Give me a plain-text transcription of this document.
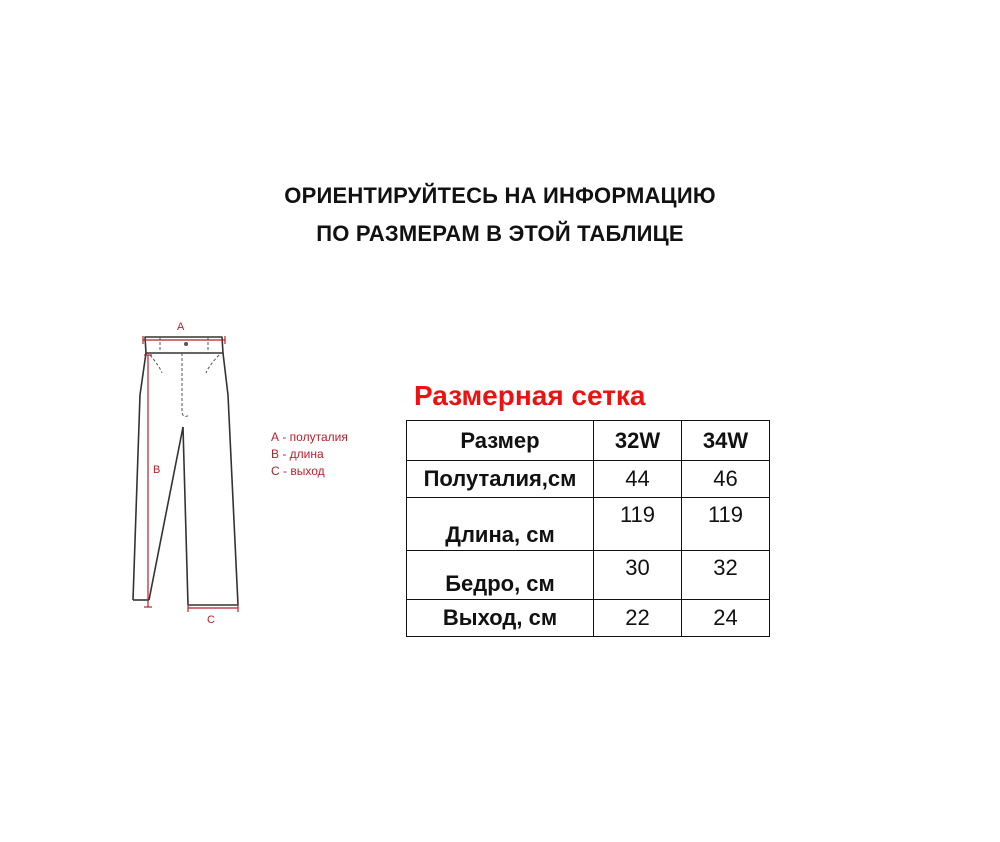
ОРИЕНТИРУЙТЕСЬ НА ИНФОРМАЦИЮ
ПО РАЗМЕРАМ В ЭТОЙ ТАБЛИЦЕ
A
B
C
А - полуталия
В - длина
С - выход
Размерная сетка
Размер	32W	34W
Полуталия,см	44	46
Длина, см	119	119
Бедро, см	30	32
Выход, см	22	24
